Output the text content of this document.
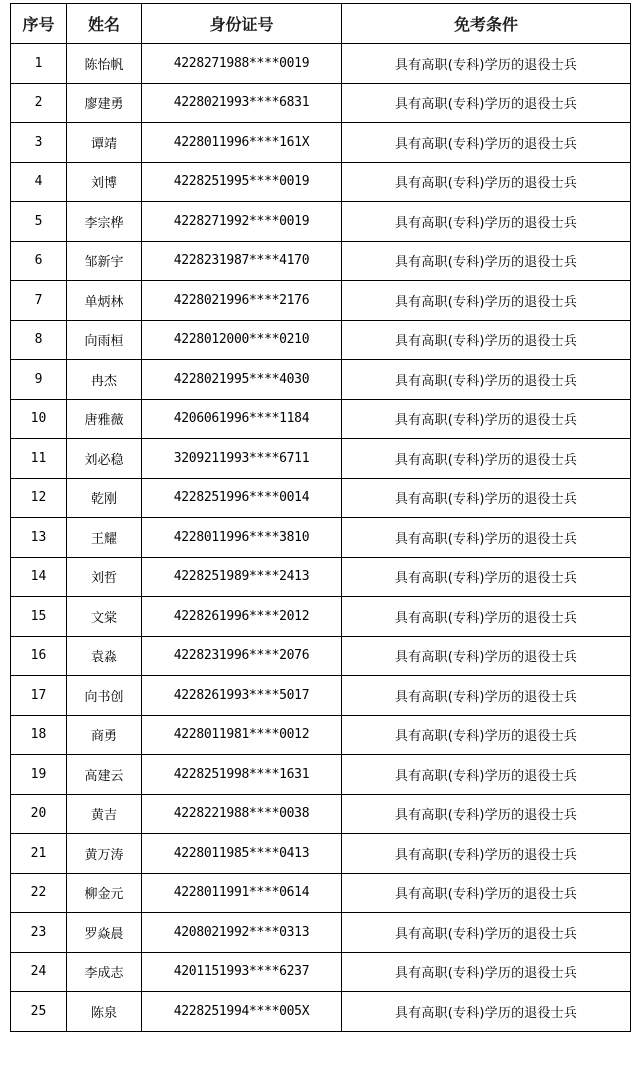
序号	姓名	身份证号	免考条件
1	陈怡帆	4228271988****0019	具有高职(专科)学历的退役士兵
2	廖建勇	4228021993****6831	具有高职(专科)学历的退役士兵
3	谭靖	4228011996****161X	具有高职(专科)学历的退役士兵
4	刘博	4228251995****0019	具有高职(专科)学历的退役士兵
5	李宗桦	4228271992****0019	具有高职(专科)学历的退役士兵
6	邹新宇	4228231987****4170	具有高职(专科)学历的退役士兵
7	单炳林	4228021996****2176	具有高职(专科)学历的退役士兵
8	向雨桓	4228012000****0210	具有高职(专科)学历的退役士兵
9	冉杰	4228021995****4030	具有高职(专科)学历的退役士兵
10	唐雅薇	4206061996****1184	具有高职(专科)学历的退役士兵
11	刘必稳	3209211993****6711	具有高职(专科)学历的退役士兵
12	乾刚	4228251996****0014	具有高职(专科)学历的退役士兵
13	王耀	4228011996****3810	具有高职(专科)学历的退役士兵
14	刘哲	4228251989****2413	具有高职(专科)学历的退役士兵
15	文棠	4228261996****2012	具有高职(专科)学历的退役士兵
16	袁淼	4228231996****2076	具有高职(专科)学历的退役士兵
17	向书创	4228261993****5017	具有高职(专科)学历的退役士兵
18	商勇	4228011981****0012	具有高职(专科)学历的退役士兵
19	高建云	4228251998****1631	具有高职(专科)学历的退役士兵
20	黄吉	4228221988****0038	具有高职(专科)学历的退役士兵
21	黄万涛	4228011985****0413	具有高职(专科)学历的退役士兵
22	柳金元	4228011991****0614	具有高职(专科)学历的退役士兵
23	罗焱晨	4208021992****0313	具有高职(专科)学历的退役士兵
24	李成志	4201151993****6237	具有高职(专科)学历的退役士兵
25	陈泉	4228251994****005X	具有高职(专科)学历的退役士兵
